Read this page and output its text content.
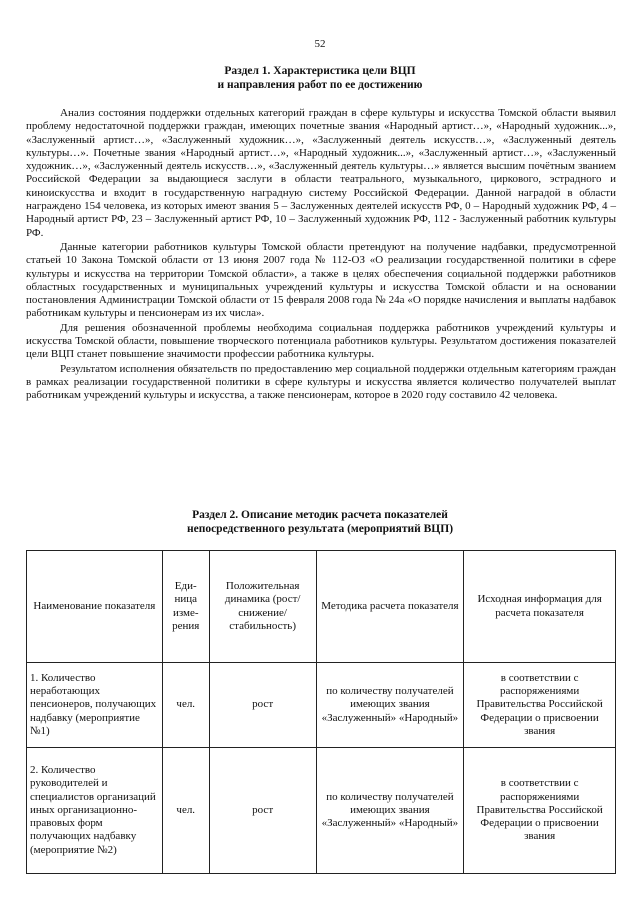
52
Раздел 1. Характеристика цели ВЦП
и направления работ по ее достижению

Анализ состояния поддержки отдельных категорий граждан в сфере культуры и искусства Томской области выявил проблему недостаточной поддержки граждан, имеющих почетные звания «Народный артист…», «Народный художник...», «Заслуженный артист…», «Заслуженный художник…», «Заслуженный деятель искусств…», «Заслуженный деятель культуры…». Почетные звания «Народный артист…», «Народный художник...», «Заслуженный артист…», «Заслуженный художник…», «Заслуженный деятель искусств…», «Заслуженный деятель культуры…» является высшим почётным званием Российской Федерации за выдающиеся заслуги в области театрального, музыкального, циркового, эстрадного и киноискусства и входит в государственную наградную систему Российской Федерации. Данной наградой в области награждено 154 человека, из которых имеют звания 5 – Заслуженных деятелей искусств РФ, 0 – Народный художник РФ, 4 – Народный артист РФ, 23 – Заслуженный артист РФ, 10 – Заслуженный художник РФ, 112 - Заслуженный работник культуры РФ.

Данные категории работников культуры Томской области претендуют на получение надбавки, предусмотренной статьей 10 Закона Томской области от 13 июня 2007 года № 112-ОЗ «О реализации государственной политики в сфере культуры и искусства на территории Томской области», а также в целях обеспечения социальной поддержки работников областных государственных и муниципальных учреждений культуры и искусства Томской области и на основании постановления Администрации Томской области от 15 февраля 2008 года № 24а «О порядке начисления и выплаты надбавок работникам культуры и пенсионерам из их числа».

Для решения обозначенной проблемы необходима социальная поддержка работников учреждений культуры и искусства Томской области, повышение творческого потенциала работников культуры. Результатом достижения показателей цели ВЦП станет повышение значимости профессии работника культуры.

Результатом исполнения обязательств по предоставлению мер социальной поддержки отдельным категориям граждан в рамках реализации государственной политики в сфере культуры и искусства является количество получателей выплат работникам учреждений культуры и искусства, а также пенсионерам, которое в 2020 году составило 42 человека.

Раздел 2. Описание методик расчета показателей
непосредственного результата (мероприятий ВЦП)
Наименование показателя	Еди-ница изме-рения	Положительная динамика (рост/ снижение/ стабильность)	Методика расчета показателя	Исходная информация для расчета показателя
1. Количество неработающих пенсионеров, получающих надбавку (мероприятие №1)	чел.	рост	по количеству получателей имеющих звания «Заслуженный» «Народный»	в соответствии с распоряжениями Правительства Российской Федерации о присвоении звания
2. Количество руководителей и специалистов организаций иных организационно-правовых форм получающих надбавку (мероприятие №2)	чел.	рост	по количеству получателей имеющих звания «Заслуженный» «Народный»	в соответствии с распоряжениями Правительства Российской Федерации о присвоении звания
